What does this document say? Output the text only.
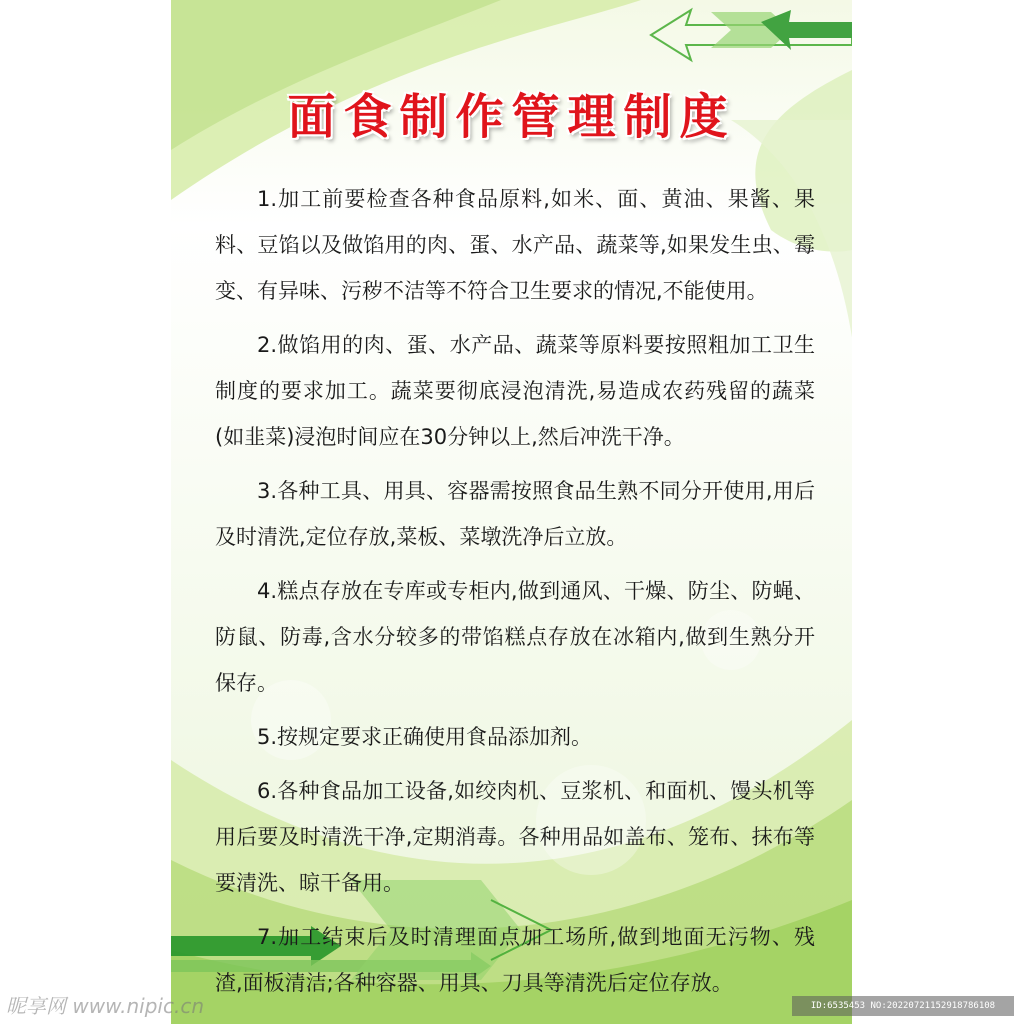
面食制作管理制度

1.加工前要检查各种食品原料,如米、面、黄油、果酱、果料、豆馅以及做馅用的肉、蛋、水产品、蔬菜等,如果发生虫、霉变、有异味、污秽不洁等不符合卫生要求的情况,不能使用。

2.做馅用的肉、蛋、水产品、蔬菜等原料要按照粗加工卫生制度的要求加工。蔬菜要彻底浸泡清洗,易造成农药残留的蔬菜(如韭菜)浸泡时间应在30分钟以上,然后冲洗干净。

3.各种工具、用具、容器需按照食品生熟不同分开使用,用后及时清洗,定位存放,菜板、菜墩洗净后立放。

4.糕点存放在专库或专柜内,做到通风、干燥、防尘、防蝇、防鼠、防毒,含水分较多的带馅糕点存放在冰箱内,做到生熟分开保存。

5.按规定要求正确使用食品添加剂。

6.各种食品加工设备,如绞肉机、豆浆机、和面机、馒头机等用后要及时清洗干净,定期消毒。各种用品如盖布、笼布、抹布等要清洗、晾干备用。

7.加工结束后及时清理面点加工场所,做到地面无污物、残渣,面板清洁;各种容器、用具、刀具等清洗后定位存放。

昵享网 www.nipic.cn	ID:6535453 NO:20220721152918786108
